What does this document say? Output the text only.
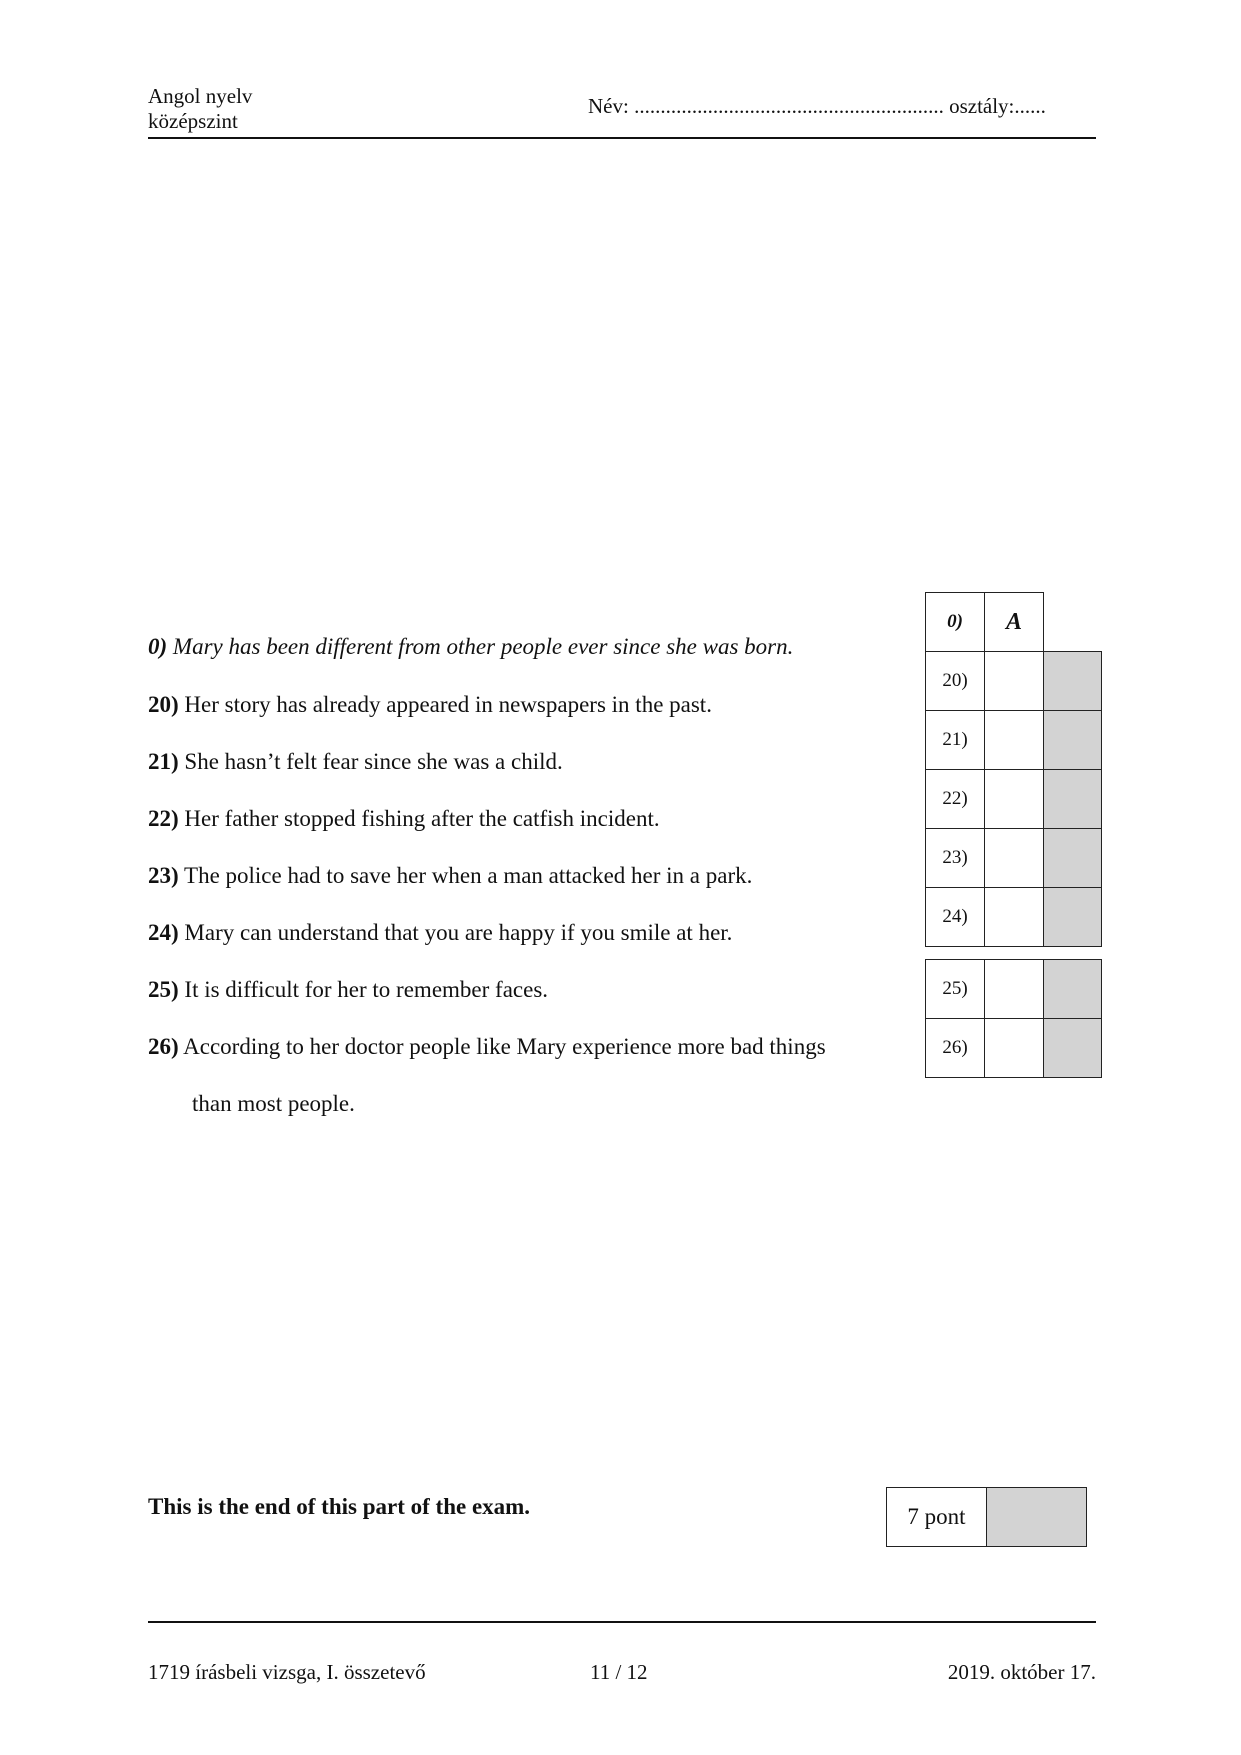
Angol nyelv
középszint
Név: ........................................................... osztály:......
0) Mary has been different from other people ever since she was born.
20) Her story has already appeared in newspapers in the past.
21) She hasn’t felt fear since she was a child.
22) Her father stopped fishing after the catfish incident.
23) The police had to save her when a man attacked her in a park.
24) Mary can understand that you are happy if you smile at her.
25) It is difficult for her to remember faces.
26) According to her doctor people like Mary experience more bad things
than most people.
0)	A
20)
21)
22)
23)
24)
25)
26)
This is the end of this part of the exam.	7 pont
1719 írásbeli vizsga, I. összetevő	11 / 12	2019. október 17.
